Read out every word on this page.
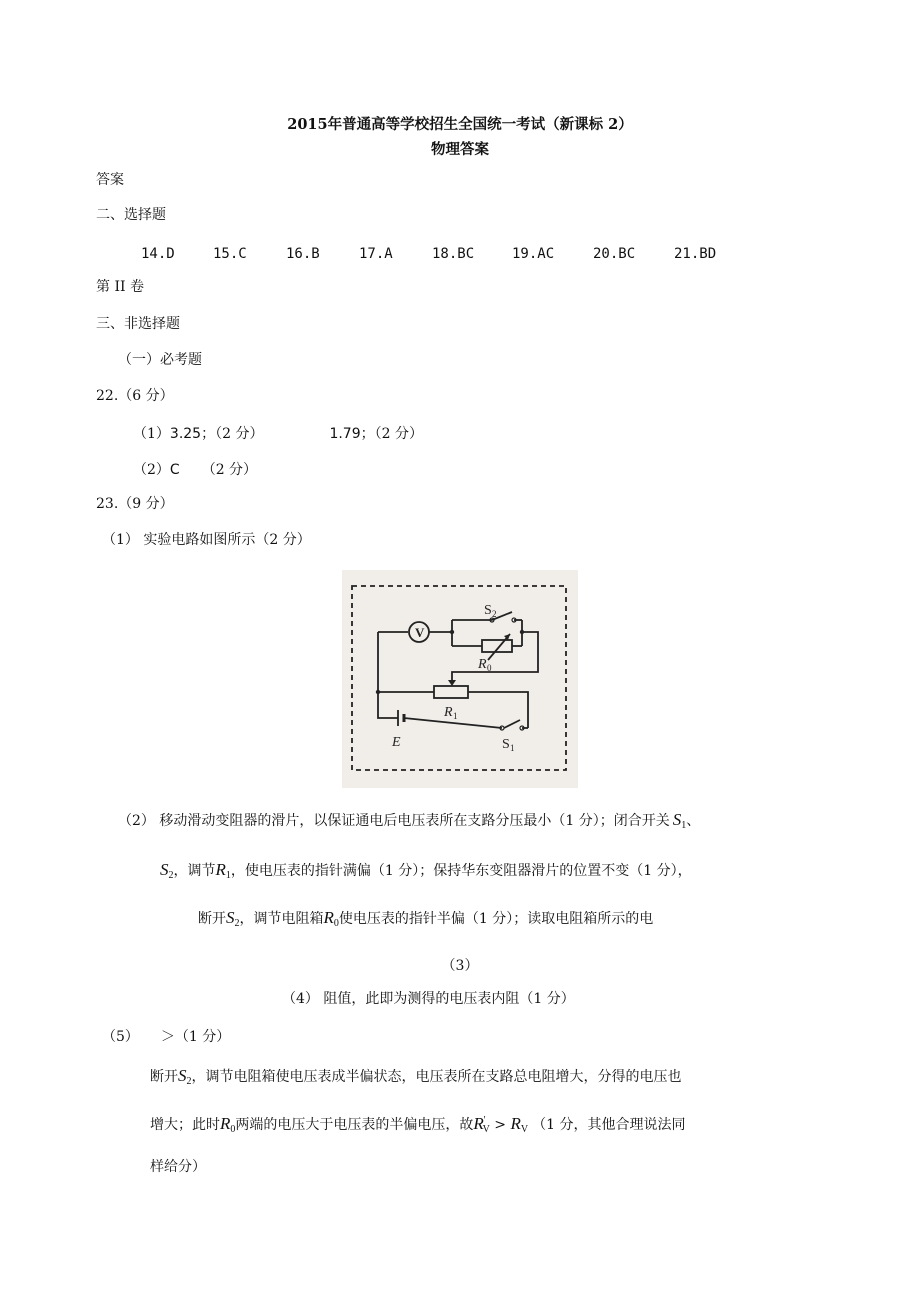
2015年普通高等学校招生全国统一考试（新课标 2）
物理答案
答案
二、选择题
14.D	15.C	16.B	17.A	18.BC	19.AC	20.BC	21.BD
第 II 卷
三、非选择题
（一）必考题
22.（6 分）
（1） 3.25 ；（2 分）	1.79 ；（2 分）
（2） C （2 分）
23.（9 分）
（1） 实验电路如图所示（2 分）
V
S 2
R 0
R 1
E	S 1
（2） 移动滑动变阻器的滑片，以保证通电后电压表所在支路分压最小（1 分）；闭合开关 $S_1$ 、
$S_2$ ，调节 $R_1$ ，使电压表的指针满偏（1 分）；保持华东变阻器滑片的位置不变（1 分），
断开 $S_2$ ，调节电阻箱 $R_0$ 使电压表的指针半偏（1 分）；读取电阻箱所示的电
（3）
（4） 阻值，此即为测得的电压表内阻（1 分）
（5） ＞（1 分）
断开 $S_2$ ，调节电阻箱使电压表成半偏状态，电压表所在支路总电阻增大，分得的电压也
增大；此时 $R_0$ 两端的电压大于电压表的半偏电压，故 $R'_V > R_V$ （1 分，其他合理说法同
样给分）
